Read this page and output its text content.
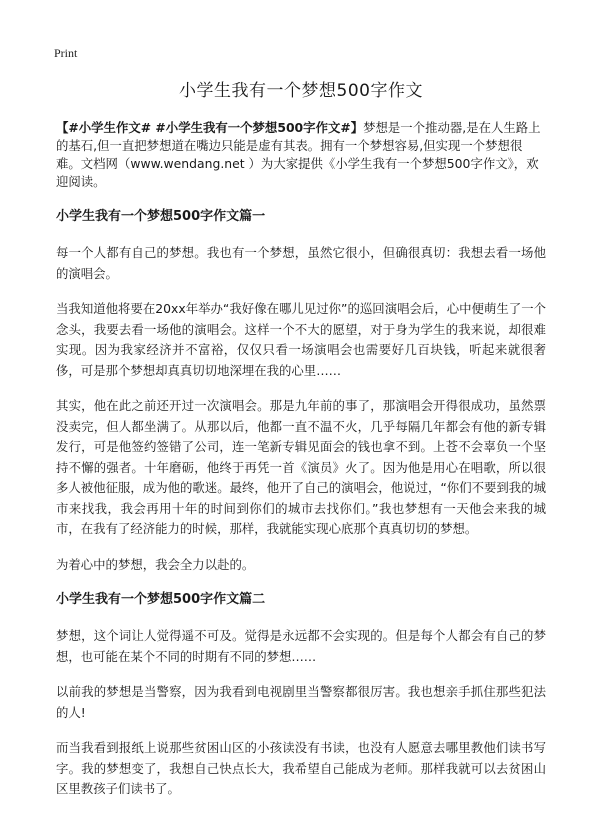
Print
小学生我有一个梦想500字作文

【#小学生作文# #小学生我有一个梦想500字作文#】梦想是一个推动器,是在人生路上的基石,但一直把梦想道在嘴边只能是虚有其表。拥有一个梦想容易,但实现一个梦想很难。文档网（www.wendang.net ）为大家提供《小学生我有一个梦想500字作文》，欢迎阅读。

小学生我有一个梦想500字作文篇一

每一个人都有自己的梦想。我也有一个梦想，虽然它很小，但确很真切：我想去看一场他的演唱会。

当我知道他将要在20xx年举办“我好像在哪儿见过你”的巡回演唱会后，心中便萌生了一个念头，我要去看一场他的演唱会。这样一个不大的愿望，对于身为学生的我来说，却很难实现。因为我家经济并不富裕，仅仅只看一场演唱会也需要好几百块钱，听起来就很奢侈，可是那个梦想却真真切切地深埋在我的心里……

其实，他在此之前还开过一次演唱会。那是九年前的事了，那演唱会开得很成功，虽然票没卖完，但人都坐满了。从那以后，他都一直不温不火，几乎每隔几年都会有他的新专辑发行，可是他签约签错了公司，连一笔新专辑见面会的钱也拿不到。上苍不会辜负一个坚持不懈的强者。十年磨砺，他终于再凭一首《演员》火了。因为他是用心在唱歌，所以很多人被他征服，成为他的歌迷。最终，他开了自己的演唱会，他说过，“你们不要到我的城市来找我，我会再用十年的时间到你们的城市去找你们。”我也梦想有一天他会来我的城市，在我有了经济能力的时候，那样，我就能实现心底那个真真切切的梦想。

为着心中的梦想，我会全力以赴的。

小学生我有一个梦想500字作文篇二

梦想，这个词让人觉得遥不可及。觉得是永远都不会实现的。但是每个人都会有自己的梦想，也可能在某个不同的时期有不同的梦想……

以前我的梦想是当警察，因为我看到电视剧里当警察都很厉害。我也想亲手抓住那些犯法的人!

而当我看到报纸上说那些贫困山区的小孩读没有书读，也没有人愿意去哪里教他们读书写字。我的梦想变了，我想自己快点长大，我希望自己能成为老师。那样我就可以去贫困山区里教孩子们读书了。
